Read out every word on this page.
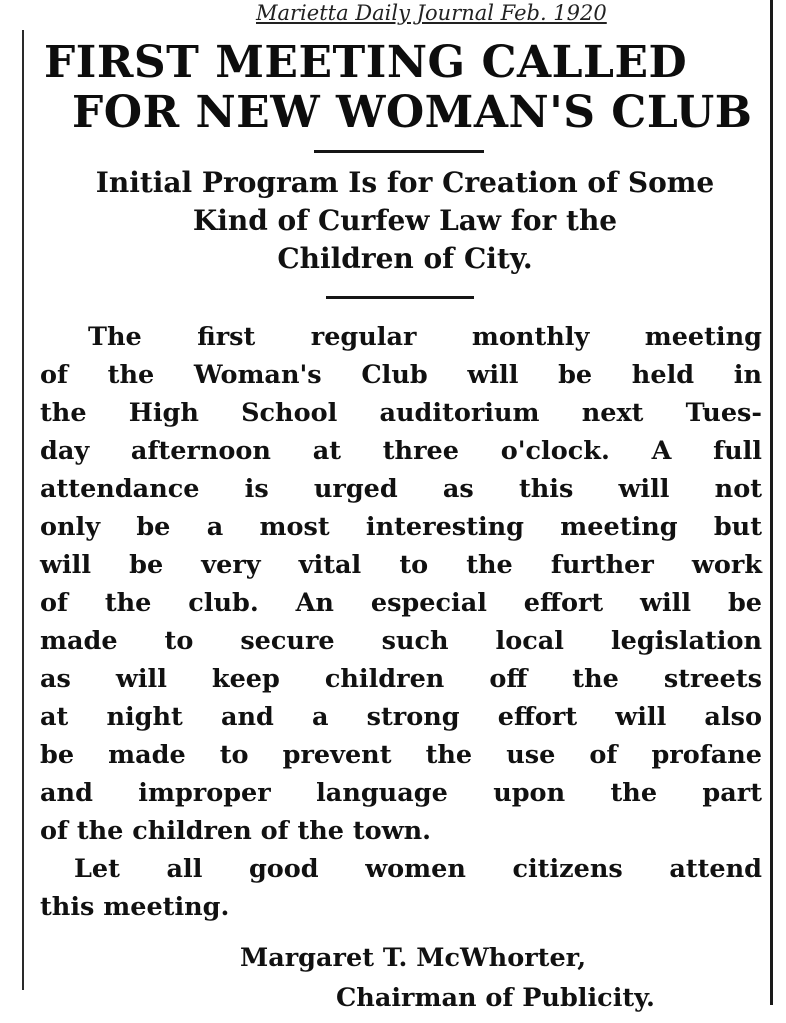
Marietta Daily Journal Feb. 1920
FIRST MEETING CALLED
FOR NEW WOMAN'S CLUB
Initial Program Is for Creation of Some
Kind of Curfew Law for the
Children of City.
The first regular monthly meeting
of the Woman's Club will be held in
the High School auditorium next Tues-
day afternoon at three o'clock. A full
attendance is urged as this will not
only be a most interesting meeting but
will be very vital to the further work
of the club. An especial effort will be
made to secure such local legislation
as will keep children off the streets
at night and a strong effort will also
be made to prevent the use of profane
and improper language upon the part
of the children of the town.
Let all good women citizens attend
this meeting.
Margaret T. McWhorter,
Chairman of Publicity.
